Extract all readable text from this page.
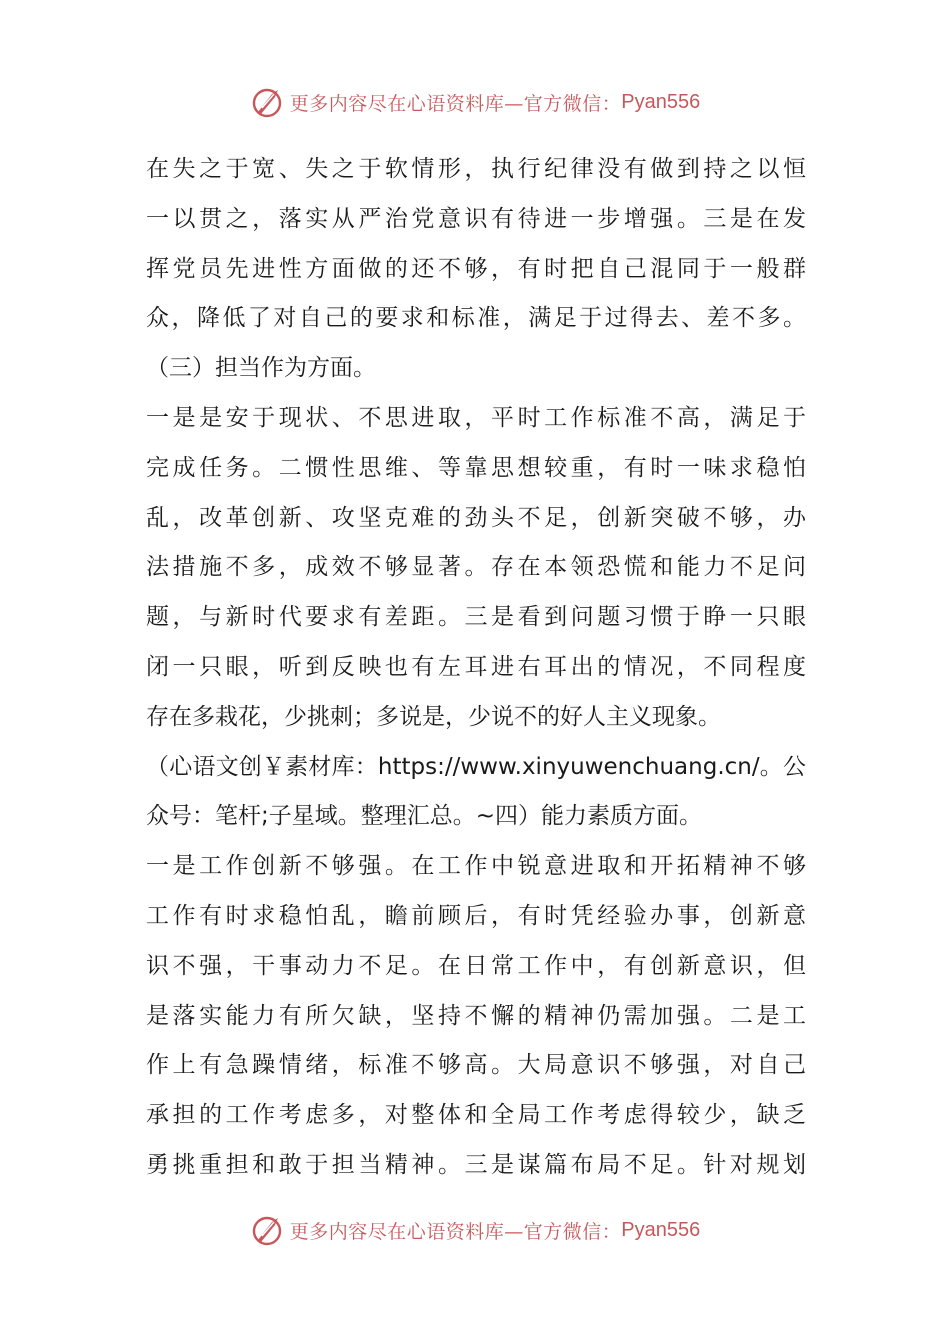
更多内容尽在心语资料库—官方微信： Pyan556
在失之于宽、失之于软情形，执行纪律没有做到持之以恒
一以贯之，落实从严治党意识有待进一步增强。三是在发
挥党员先进性方面做的还不够，有时把自己混同于一般群
众，降低了对自己的要求和标准，满足于过得去、差不多。
（三）担当作为方面。
一是是安于现状、不思进取，平时工作标准不高，满足于
完成任务。二惯性思维、等靠思想较重，有时一味求稳怕
乱，改革创新、攻坚克难的劲头不足，创新突破不够，办
法措施不多，成效不够显著。存在本领恐慌和能力不足问
题，与新时代要求有差距。三是看到问题习惯于睁一只眼
闭一只眼，听到反映也有左耳进右耳出的情况，不同程度
存在多栽花，少挑刺；多说是，少说不的好人主义现象。
（心语文创￥素材库：https://www.xinyuwenchuang.cn/。公
众号：笔杆;子星域。整理汇总。~四）能力素质方面。
一是工作创新不够强。在工作中锐意进取和开拓精神不够
工作有时求稳怕乱，瞻前顾后，有时凭经验办事，创新意
识不强，干事动力不足。在日常工作中，有创新意识，但
是落实能力有所欠缺，坚持不懈的精神仍需加强。二是工
作上有急躁情绪，标准不够高。大局意识不够强，对自己
承担的工作考虑多，对整体和全局工作考虑得较少，缺乏
勇挑重担和敢于担当精神。三是谋篇布局不足。针对规划
更多内容尽在心语资料库—官方微信： Pyan556
